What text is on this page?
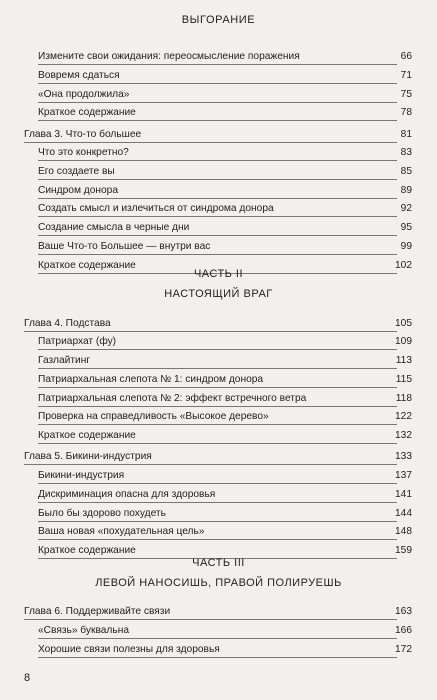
ВЫГОРАНИЕ
Измените свои ожидания: переосмысление поражения	66
Вовремя сдаться	71
«Она продолжила»	75
Краткое содержание	78
Глава 3. Что-то большее	81
Что это конкретно?	83
Его создаете вы	85
Синдром донора	89
Создать смысл и излечиться от синдрома донора	92
Создание смысла в черные дни	95
Ваше Что-то Большее — внутри вас	99
Краткое содержание	102
Глава 4. Подстава	105
Патриархат (фу)	109
Газлайтинг	113
Патриархальная слепота № 1: синдром донора	115
Патриархальная слепота № 2: эффект встречного ветра	118
Проверка на справедливость «Высокое дерево»	122
Краткое содержание	132
Глава 5. Бикини-индустрия	133
Бикини-индустрия	137
Дискриминация опасна для здоровья	141
Было бы здорово похудеть	144
Ваша новая «похудательная цель»	148
Краткое содержание	159
Глава 6. Поддерживайте связи	163
«Связь» буквальна	166
Хорошие связи полезны для здоровья	172
ЧАСТЬ II
НАСТОЯЩИЙ ВРАГ
ЧАСТЬ III
ЛЕВОЙ НАНОСИШЬ, ПРАВОЙ ПОЛИРУЕШЬ
8
